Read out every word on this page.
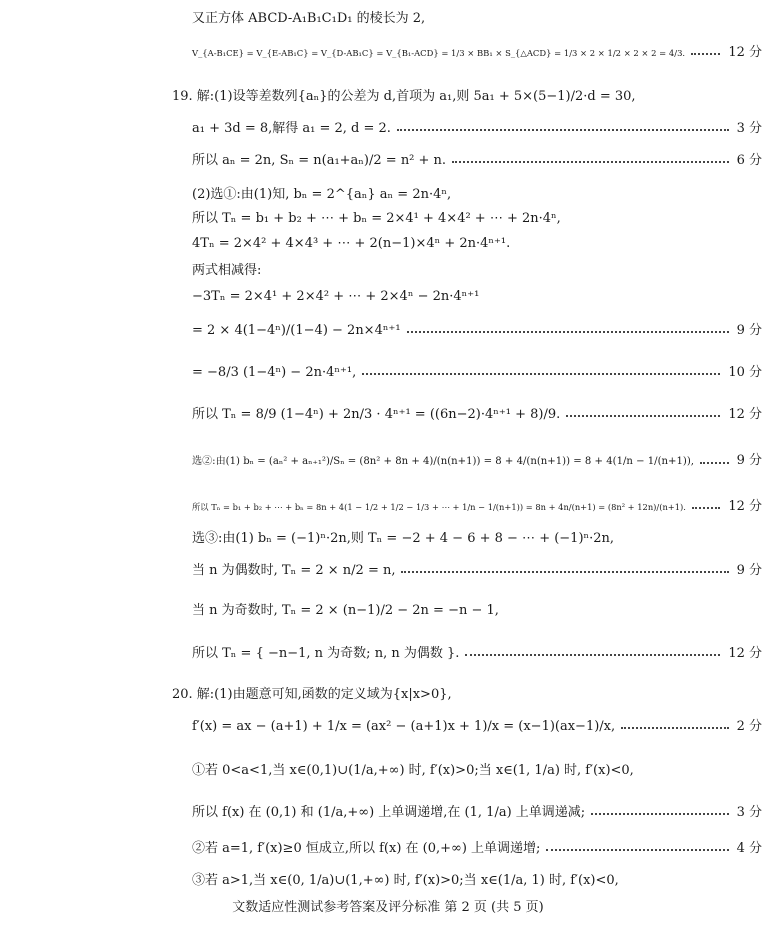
又正方体 ABCD-A₁B₁C₁D₁ 的棱长为 2,
V_{A-B₁CE} = V_{E-AB₁C} = V_{D-AB₁C} = V_{B₁-ACD} = 1/3 × BB₁ × S_{△ACD} = 1/3 × 2 × 1/2 × 2 × 2 = 4/3.	12 分
19. 解:(1)设等差数列{aₙ}的公差为 d,首项为 a₁,则 5a₁ + 5×(5−1)/2·d = 30,
a₁ + 3d = 8,解得 a₁ = 2, d = 2.	3 分
所以 aₙ = 2n, Sₙ = n(a₁+aₙ)/2 = n² + n.	6 分
(2)选①:由(1)知, bₙ = 2^{aₙ} aₙ = 2n·4ⁿ,
所以 Tₙ = b₁ + b₂ + ⋯ + bₙ = 2×4¹ + 4×4² + ⋯ + 2n·4ⁿ,
4Tₙ = 2×4² + 4×4³ + ⋯ + 2(n−1)×4ⁿ + 2n·4ⁿ⁺¹.
两式相减得:
−3Tₙ = 2×4¹ + 2×4² + ⋯ + 2×4ⁿ − 2n·4ⁿ⁺¹
= 2 × 4(1−4ⁿ)/(1−4) − 2n×4ⁿ⁺¹	9 分
= −8/3 (1−4ⁿ) − 2n·4ⁿ⁺¹,	10 分
所以 Tₙ = 8/9 (1−4ⁿ) + 2n/3 · 4ⁿ⁺¹ = ((6n−2)·4ⁿ⁺¹ + 8)/9.	12 分
选②:由(1) bₙ = (aₙ² + aₙ₊₁²)/Sₙ = (8n² + 8n + 4)/(n(n+1)) = 8 + 4/(n(n+1)) = 8 + 4(1/n − 1/(n+1)),	9 分
所以 Tₙ = b₁ + b₂ + ⋯ + bₙ = 8n + 4(1 − 1/2 + 1/2 − 1/3 + ⋯ + 1/n − 1/(n+1)) = 8n + 4n/(n+1) = (8n² + 12n)/(n+1).	12 分
选③:由(1) bₙ = (−1)ⁿ·2n,则 Tₙ = −2 + 4 − 6 + 8 − ⋯ + (−1)ⁿ·2n,
当 n 为偶数时, Tₙ = 2 × n/2 = n,	9 分
当 n 为奇数时, Tₙ = 2 × (n−1)/2 − 2n = −n − 1,
所以 Tₙ = { −n−1, n 为奇数; n, n 为偶数 }.	12 分
20. 解:(1)由题意可知,函数的定义域为{x|x>0},
f′(x) = ax − (a+1) + 1/x = (ax² − (a+1)x + 1)/x = (x−1)(ax−1)/x,	2 分
①若 0<a<1,当 x∈(0,1)∪(1/a,+∞) 时, f′(x)>0;当 x∈(1, 1/a) 时, f′(x)<0,
所以 f(x) 在 (0,1) 和 (1/a,+∞) 上单调递增,在 (1, 1/a) 上单调递减;	3 分
②若 a=1, f′(x)≥0 恒成立,所以 f(x) 在 (0,+∞) 上单调递增;	4 分
③若 a>1,当 x∈(0, 1/a)∪(1,+∞) 时, f′(x)>0;当 x∈(1/a, 1) 时, f′(x)<0,
文数适应性测试参考答案及评分标准 第 2 页 (共 5 页)
